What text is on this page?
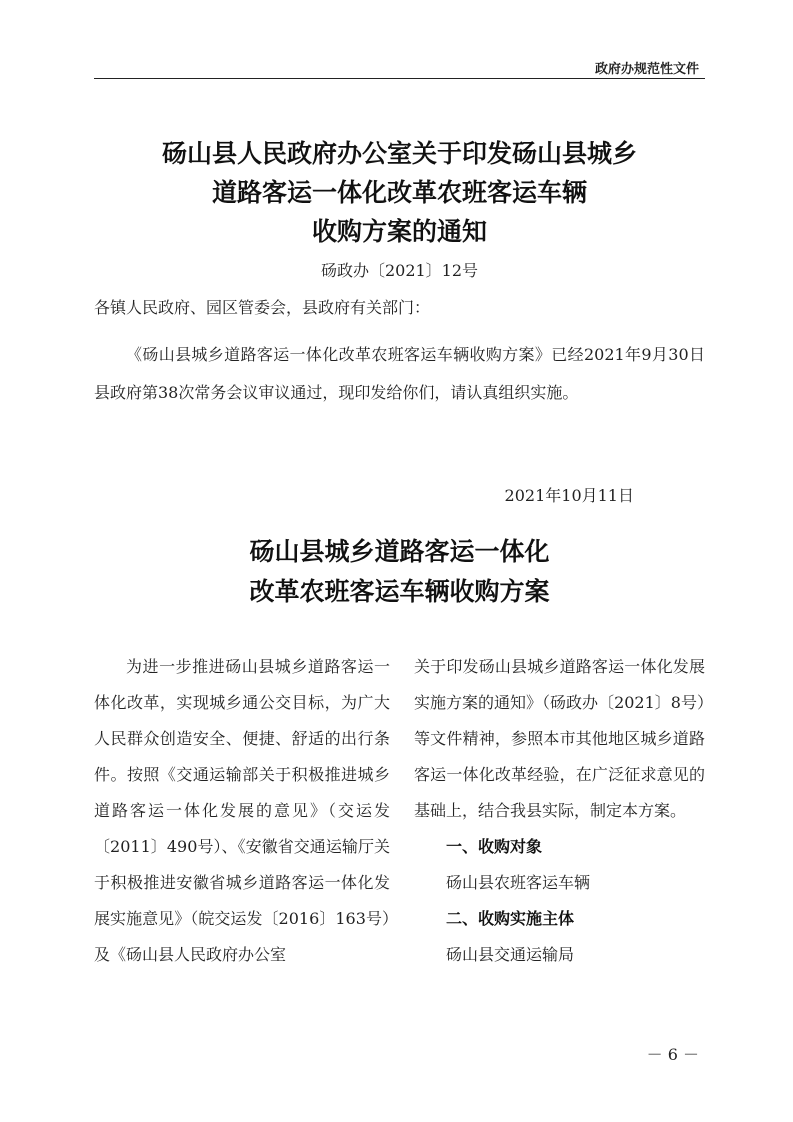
政府办规范性文件
砀山县人民政府办公室关于印发砀山县城乡
道路客运一体化改革农班客运车辆
收购方案的通知
砀政办〔2021〕12号
各镇人民政府、园区管委会，县政府有关部门：
《砀山县城乡道路客运一体化改革农班客运车辆收购方案》已经2021年9月30日县政府第38次常务会议审议通过，现印发给你们，请认真组织实施。
2021年10月11日
砀山县城乡道路客运一体化
改革农班客运车辆收购方案
为进一步推进砀山县城乡道路客运一体化改革，实现城乡通公交目标，为广大人民群众创造安全、便捷、舒适的出行条件。按照《交通运输部关于积极推进城乡道路客运一体化发展的意见》（交运发〔2011〕490号）、《安徽省交通运输厅关于积极推进安徽省城乡道路客运一体化发展实施意见》（皖交运发〔2016〕163号）及《砀山县人民政府办公室
关于印发砀山县城乡道路客运一体化发展实施方案的通知》（砀政办〔2021〕8号）等文件精神，参照本市其他地区城乡道路客运一体化改革经验，在广泛征求意见的基础上，结合我县实际，制定本方案。
一、收购对象
砀山县农班客运车辆
二、收购实施主体
砀山县交通运输局
－ 6 －
